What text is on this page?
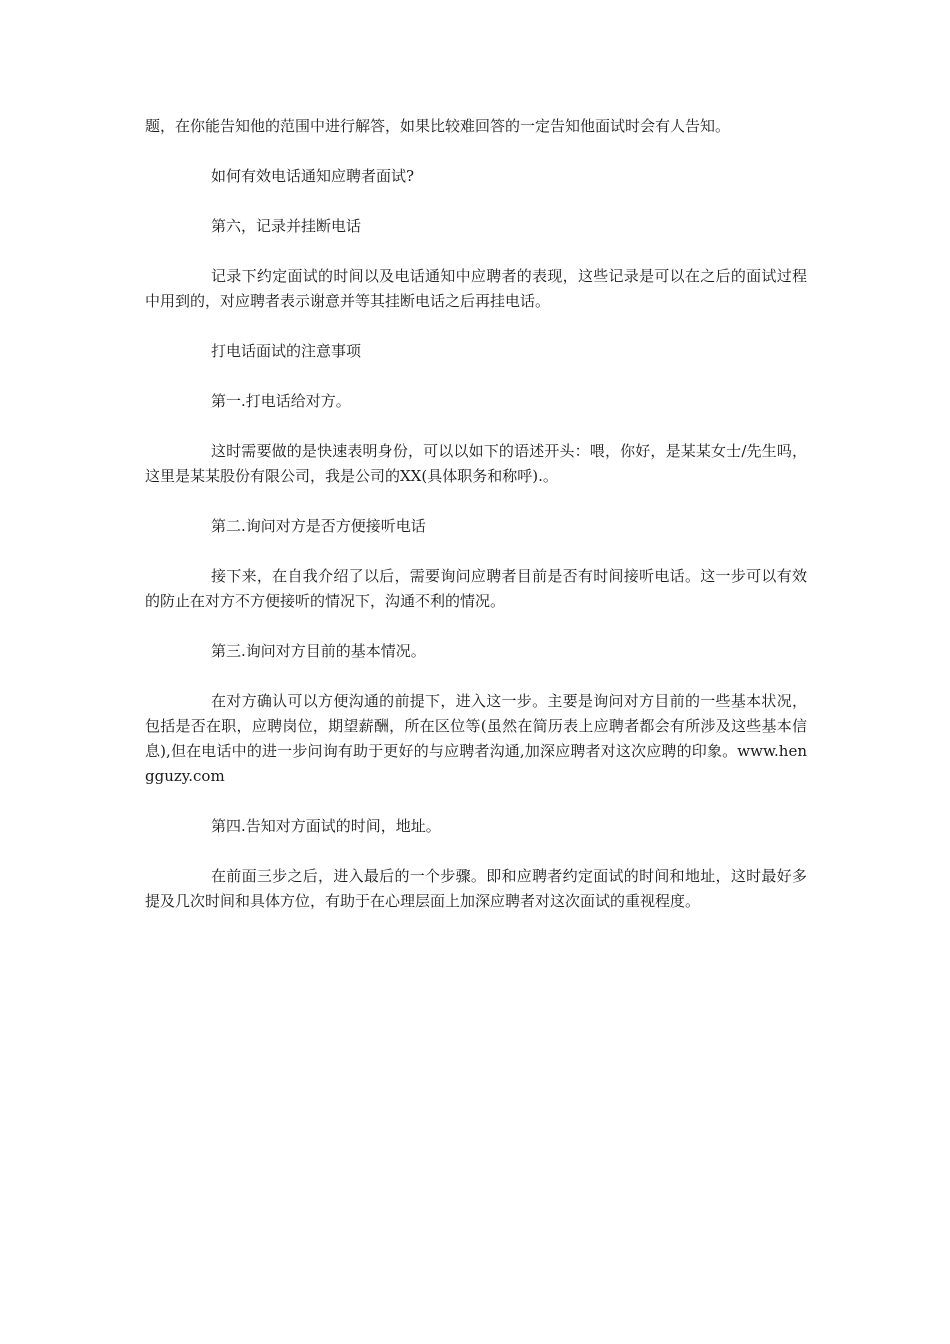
题，在你能告知他的范围中进行解答，如果比较难回答的一定告知他面试时会有人告知。

如何有效电话通知应聘者面试?

第六，记录并挂断电话

记录下约定面试的时间以及电话通知中应聘者的表现，这些记录是可以在之后的面试过程中用到的，对应聘者表示谢意并等其挂断电话之后再挂电话。

打电话面试的注意事项

第一.打电话给对方。

这时需要做的是快速表明身份，可以以如下的语述开头：喂，你好，是某某女士/先生吗，这里是某某股份有限公司，我是公司的XX(具体职务和称呼).。

第二.询问对方是否方便接听电话

接下来，在自我介绍了以后，需要询问应聘者目前是否有时间接听电话。这一步可以有效的防止在对方不方便接听的情况下，沟通不利的情况。

第三.询问对方目前的基本情况。

在对方确认可以方便沟通的前提下，进入这一步。主要是询问对方目前的一些基本状况，包括是否在职，应聘岗位，期望薪酬，所在区位等(虽然在简历表上应聘者都会有所涉及这些基本信息),但在电话中的进一步问询有助于更好的与应聘者沟通,加深应聘者对这次应聘的印象。www.hengguzy.com

第四.告知对方面试的时间，地址。

在前面三步之后，进入最后的一个步骤。即和应聘者约定面试的时间和地址，这时最好多提及几次时间和具体方位，有助于在心理层面上加深应聘者对这次面试的重视程度。
